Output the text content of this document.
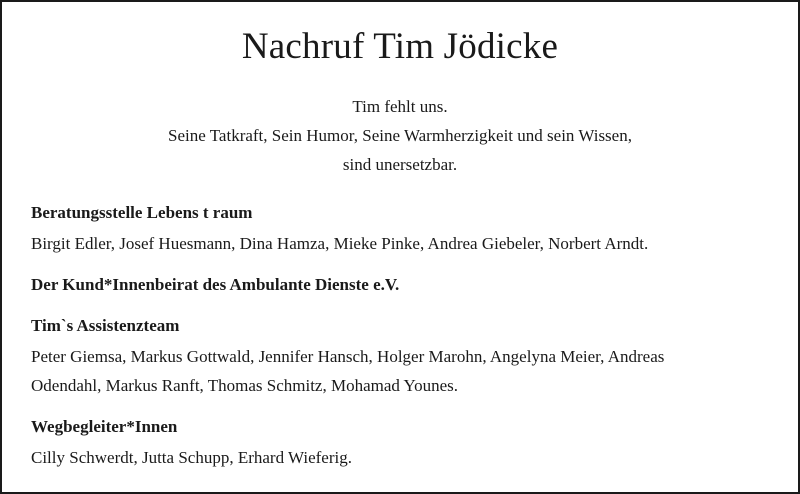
Nachruf Tim Jödicke
Tim fehlt uns.
Seine Tatkraft, Sein Humor, Seine Warmherzigkeit und sein Wissen,
sind unersetzbar.
Beratungsstelle Lebens t raum
Birgit Edler, Josef Huesmann, Dina Hamza, Mieke Pinke, Andrea Giebeler, Norbert Arndt.
Der Kund*Innenbeirat des Ambulante Dienste e.V.
Tim`s Assistenzteam
Peter Giemsa, Markus Gottwald, Jennifer Hansch, Holger Marohn, Angelyna Meier, Andreas
Odendahl, Markus Ranft, Thomas Schmitz, Mohamad Younes.
Wegbegleiter*Innen
Cilly Schwerdt, Jutta Schupp, Erhard Wieferig.
